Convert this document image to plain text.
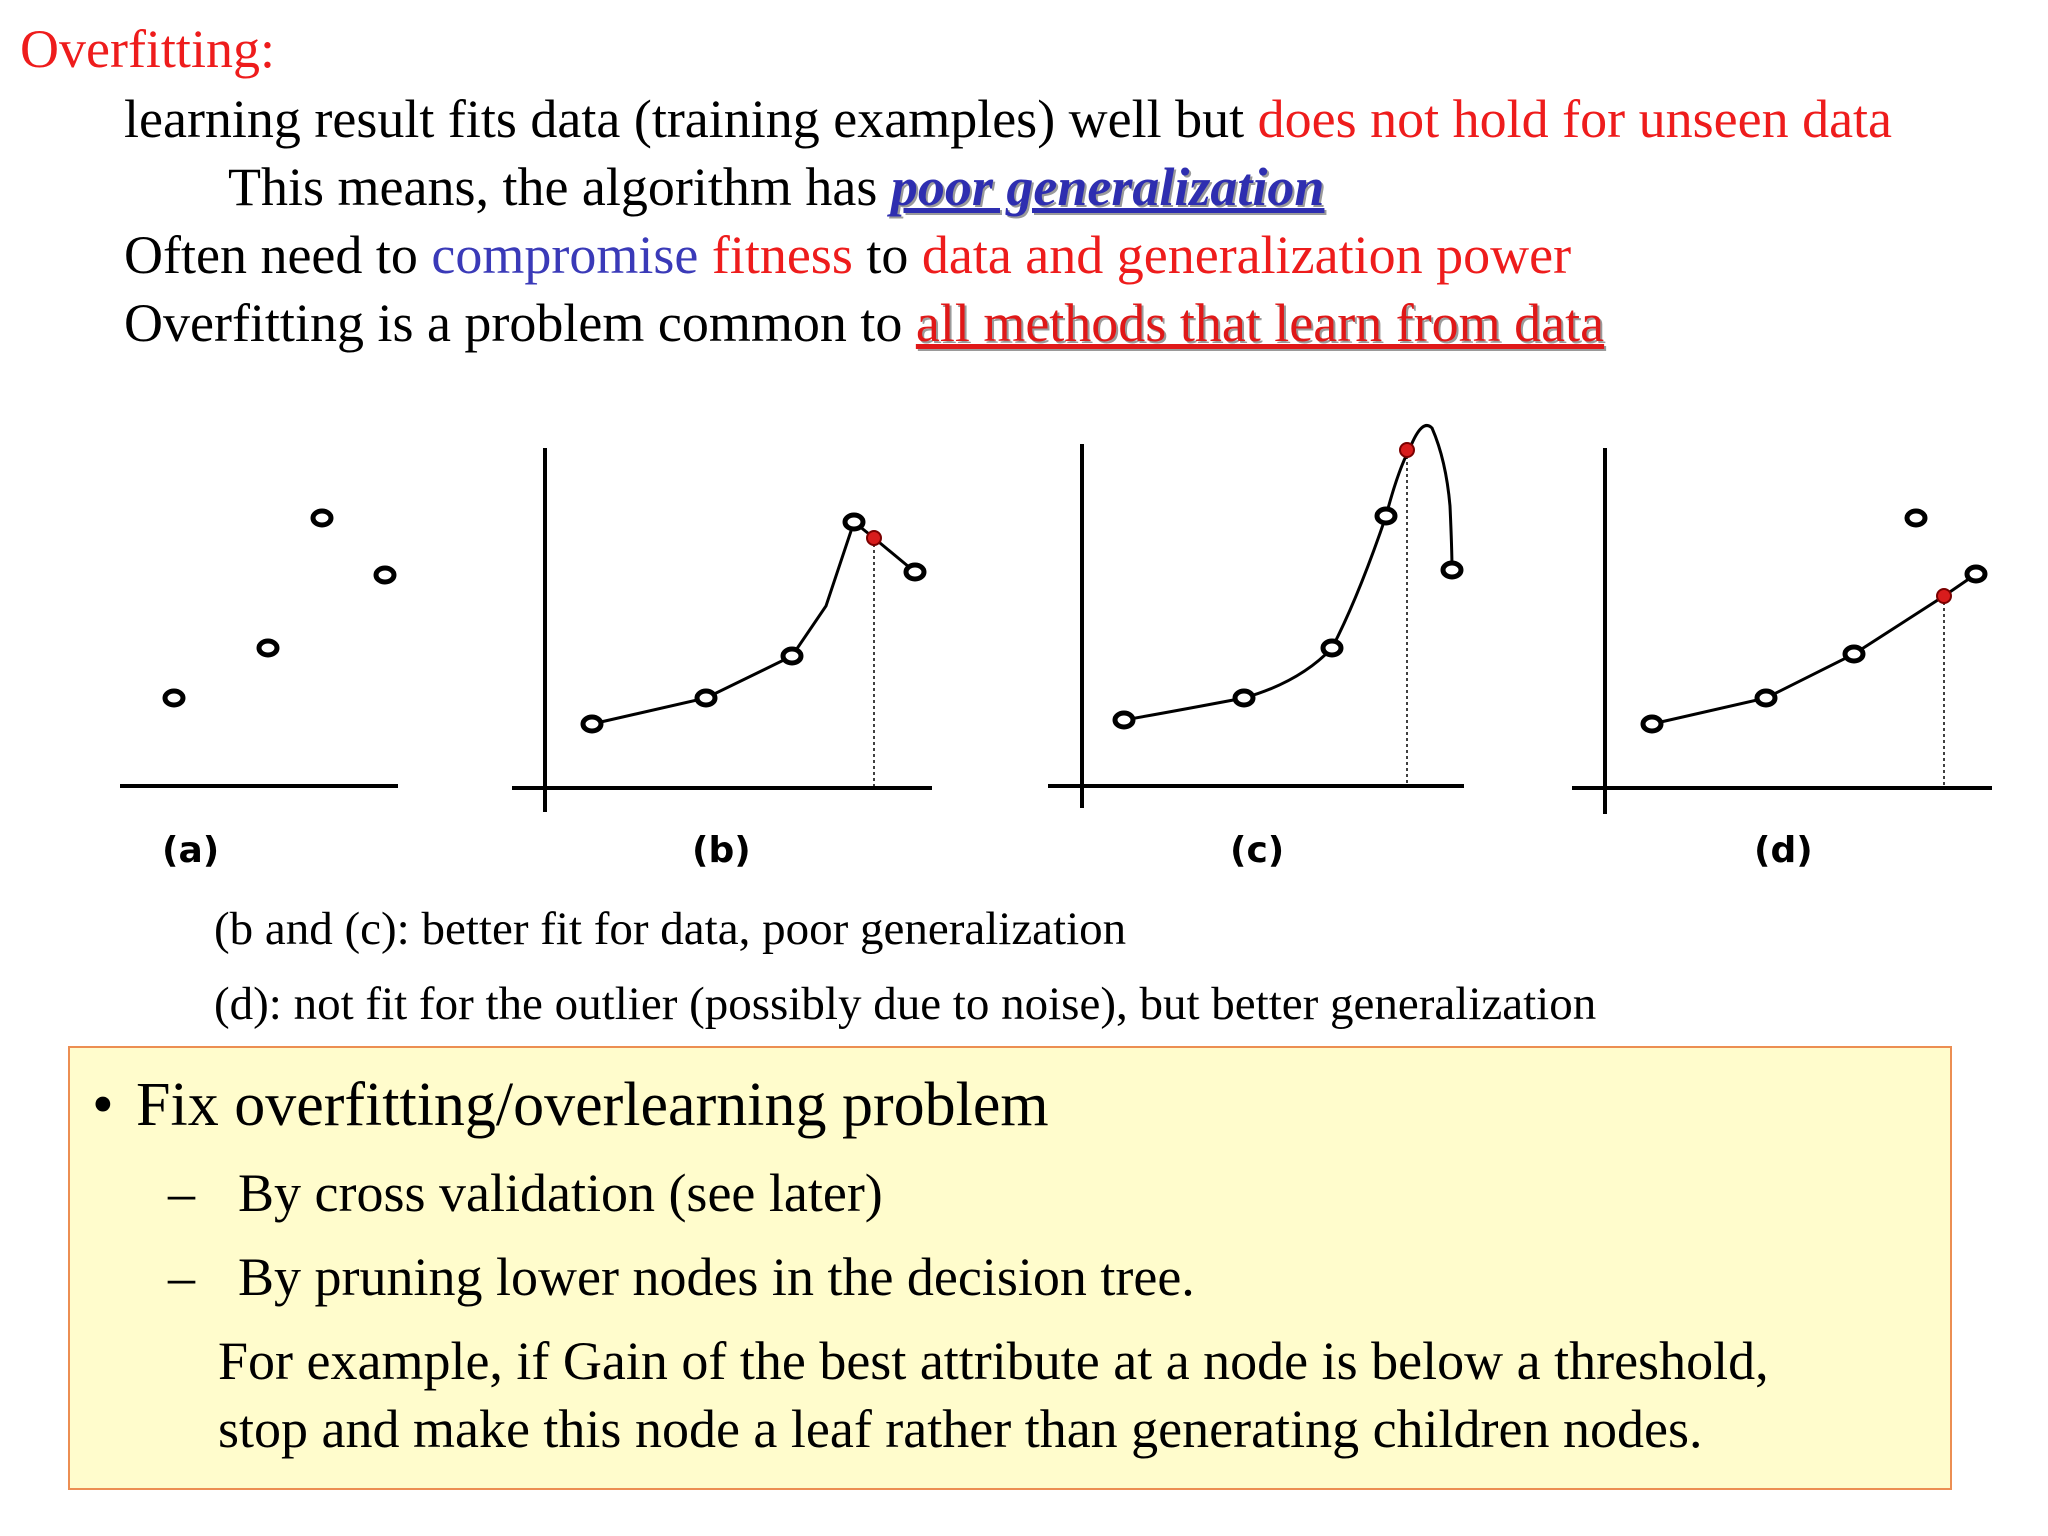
Overfitting:
learning result fits data (training examples) well but does not hold for unseen data
This means, the algorithm has poor generalization
Often need to compromise fitness to data and generalization power
Overfitting is a problem common to all methods that learn from data
(a)	(b)	(c)	(d)
(b and (c): better fit for data, poor generalization
(d): not fit for the outlier (possibly due to noise), but better generalization
• Fix overfitting/overlearning problem
– By cross validation (see later)
– By pruning lower nodes in the decision tree.
For example, if Gain of the best attribute at a node is below a threshold,
stop and make this node a leaf rather than generating children nodes.
